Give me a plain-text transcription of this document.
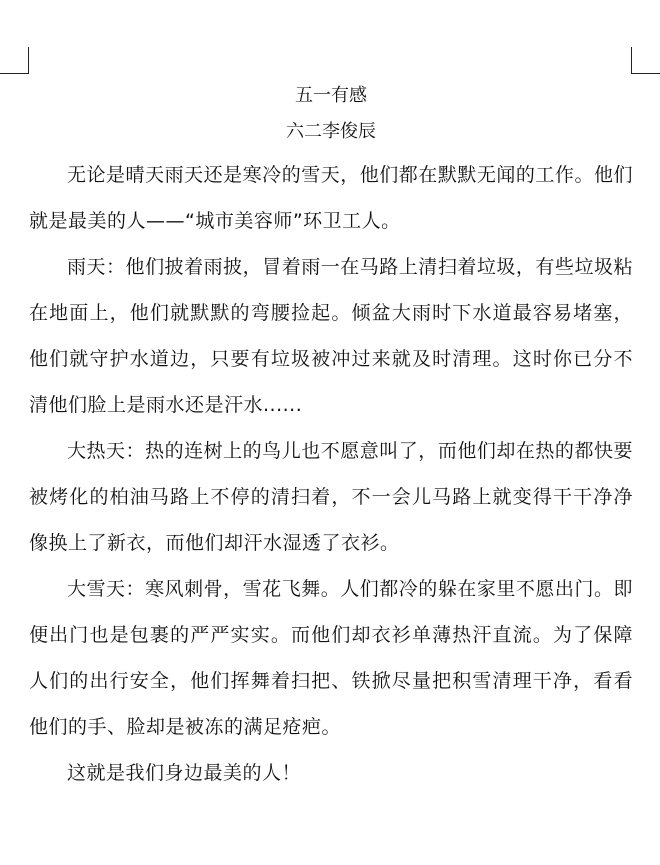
五一有感

六二李俊辰

无论是晴天雨天还是寒冷的雪天，他们都在默默无闻的工作。他们就是最美的人——“城市美容师”环卫工人。

雨天：他们披着雨披，冒着雨一在马路上清扫着垃圾，有些垃圾粘在地面上，他们就默默的弯腰捡起。倾盆大雨时下水道最容易堵塞，他们就守护水道边，只要有垃圾被冲过来就及时清理。这时你已分不清他们脸上是雨水还是汗水......

大热天：热的连树上的鸟儿也不愿意叫了，而他们却在热的都快要被烤化的柏油马路上不停的清扫着，不一会儿马路上就变得干干净净像换上了新衣，而他们却汗水湿透了衣衫。

大雪天：寒风刺骨，雪花飞舞。人们都冷的躲在家里不愿出门。即便出门也是包裹的严严实实。而他们却衣衫单薄热汗直流。为了保障人们的出行安全，他们挥舞着扫把、铁掀尽量把积雪清理干净，看看他们的手、脸却是被冻的满足疮疤。

这就是我们身边最美的人！
